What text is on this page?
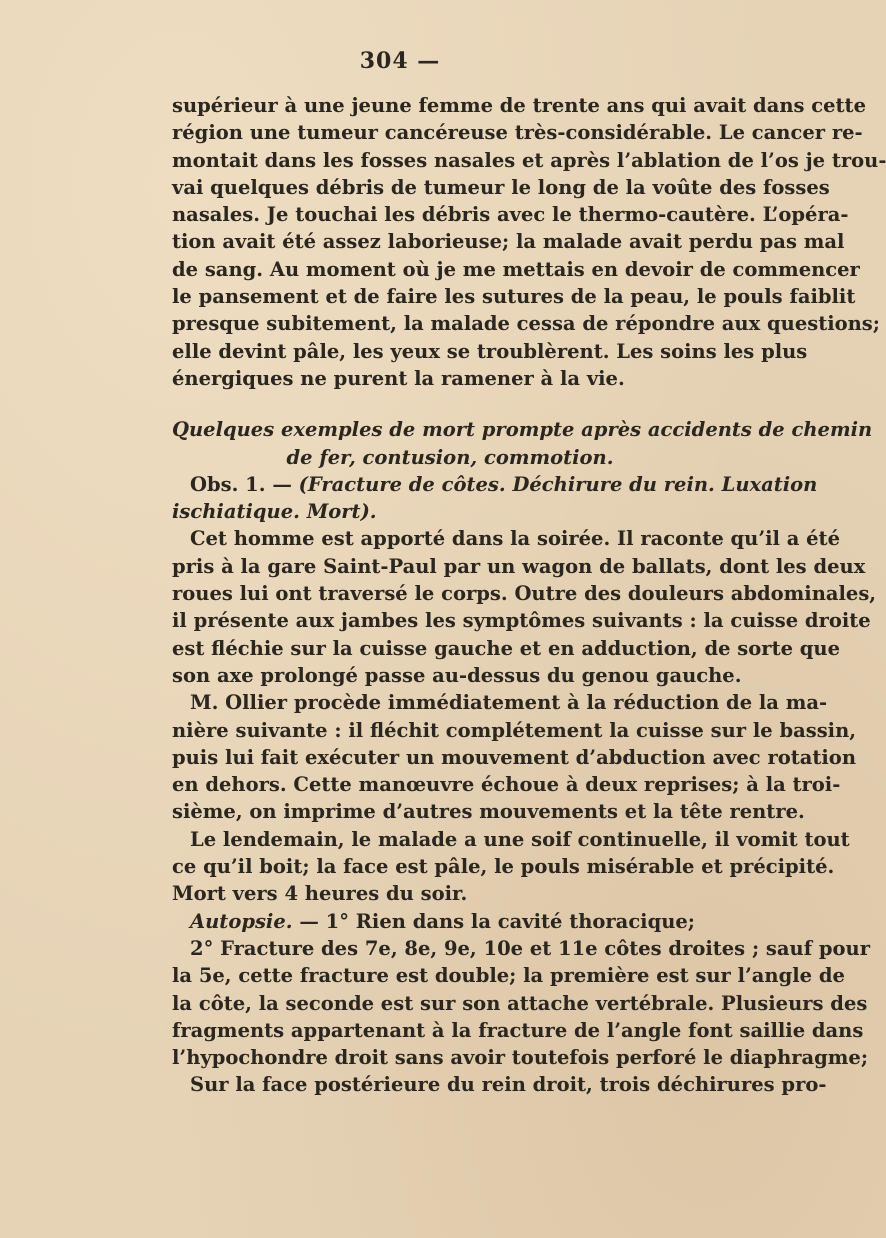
304 —
supérieur à une jeune femme de trente ans qui avait dans cette
région une tumeur cancéreuse très-considérable. Le cancer re-
montait dans les fosses nasales et après l’ablation de l’os je trou-
vai quelques débris de tumeur le long de la voûte des fosses
nasales. Je touchai les débris avec le thermo-cautère. L’opéra-
tion avait été assez laborieuse; la malade avait perdu pas mal
de sang. Au moment où je me mettais en devoir de commencer
le pansement et de faire les sutures de la peau, le pouls faiblit
presque subitement, la malade cessa de répondre aux questions;
elle devint pâle, les yeux se troublèrent. Les soins les plus
énergiques ne purent la ramener à la vie.
Quelques exemples de mort prompte après accidents de chemin
de fer, contusion, commotion.
Obs. 1. — (Fracture de côtes. Déchirure du rein. Luxation
ischiatique. Mort).
Cet homme est apporté dans la soirée. Il raconte qu’il a été
pris à la gare Saint-Paul par un wagon de ballats, dont les deux
roues lui ont traversé le corps. Outre des douleurs abdominales,
il présente aux jambes les symptômes suivants : la cuisse droite
est fléchie sur la cuisse gauche et en adduction, de sorte que
son axe prolongé passe au-dessus du genou gauche.
M. Ollier procède immédiatement à la réduction de la ma-
nière suivante : il fléchit complétement la cuisse sur le bassin,
puis lui fait exécuter un mouvement d’abduction avec rotation
en dehors. Cette manœuvre échoue à deux reprises; à la troi-
sième, on imprime d’autres mouvements et la tête rentre.
Le lendemain, le malade a une soif continuelle, il vomit tout
ce qu’il boit; la face est pâle, le pouls misérable et précipité.
Mort vers 4 heures du soir.
Autopsie. — 1° Rien dans la cavité thoracique;
2° Fracture des 7e, 8e, 9e, 10e et 11e côtes droites ; sauf pour
la 5e, cette fracture est double; la première est sur l’angle de
la côte, la seconde est sur son attache vertébrale. Plusieurs des
fragments appartenant à la fracture de l’angle font saillie dans
l’hypochondre droit sans avoir toutefois perforé le diaphragme;
Sur la face postérieure du rein droit, trois déchirures pro-
